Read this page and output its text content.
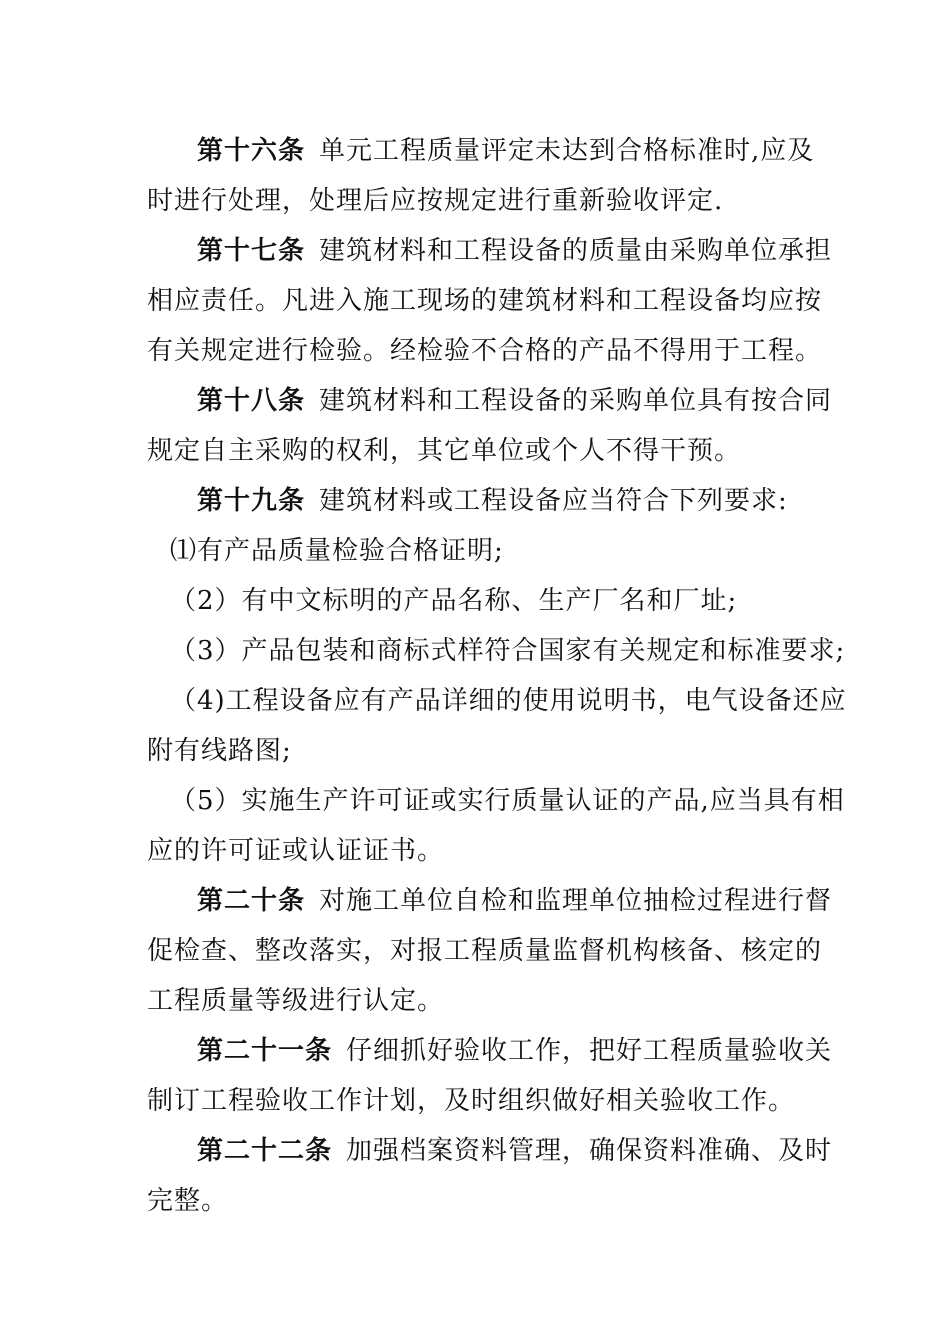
第十六条 单元工程质量评定未达到合格标准时,应及
时进行处理，处理后应按规定进行重新验收评定.
第十七条 建筑材料和工程设备的质量由采购单位承担
相应责任。凡进入施工现场的建筑材料和工程设备均应按
有关规定进行检验。经检验不合格的产品不得用于工程。
第十八条 建筑材料和工程设备的采购单位具有按合同
规定自主采购的权利，其它单位或个人不得干预。
第十九条 建筑材料或工程设备应当符合下列要求:
⑴有产品质量检验合格证明;
（2）有中文标明的产品名称、生产厂名和厂址;
（3）产品包装和商标式样符合国家有关规定和标准要求;
（4)工程设备应有产品详细的使用说明书，电气设备还应
附有线路图;
（5）实施生产许可证或实行质量认证的产品,应当具有相
应的许可证或认证证书。
第二十条 对施工单位自检和监理单位抽检过程进行督
促检查、整改落实，对报工程质量监督机构核备、核定的
工程质量等级进行认定。
第二十一条 仔细抓好验收工作，把好工程质量验收关
制订工程验收工作计划，及时组织做好相关验收工作。
第二十二条 加强档案资料管理，确保资料准确、及时
完整。
